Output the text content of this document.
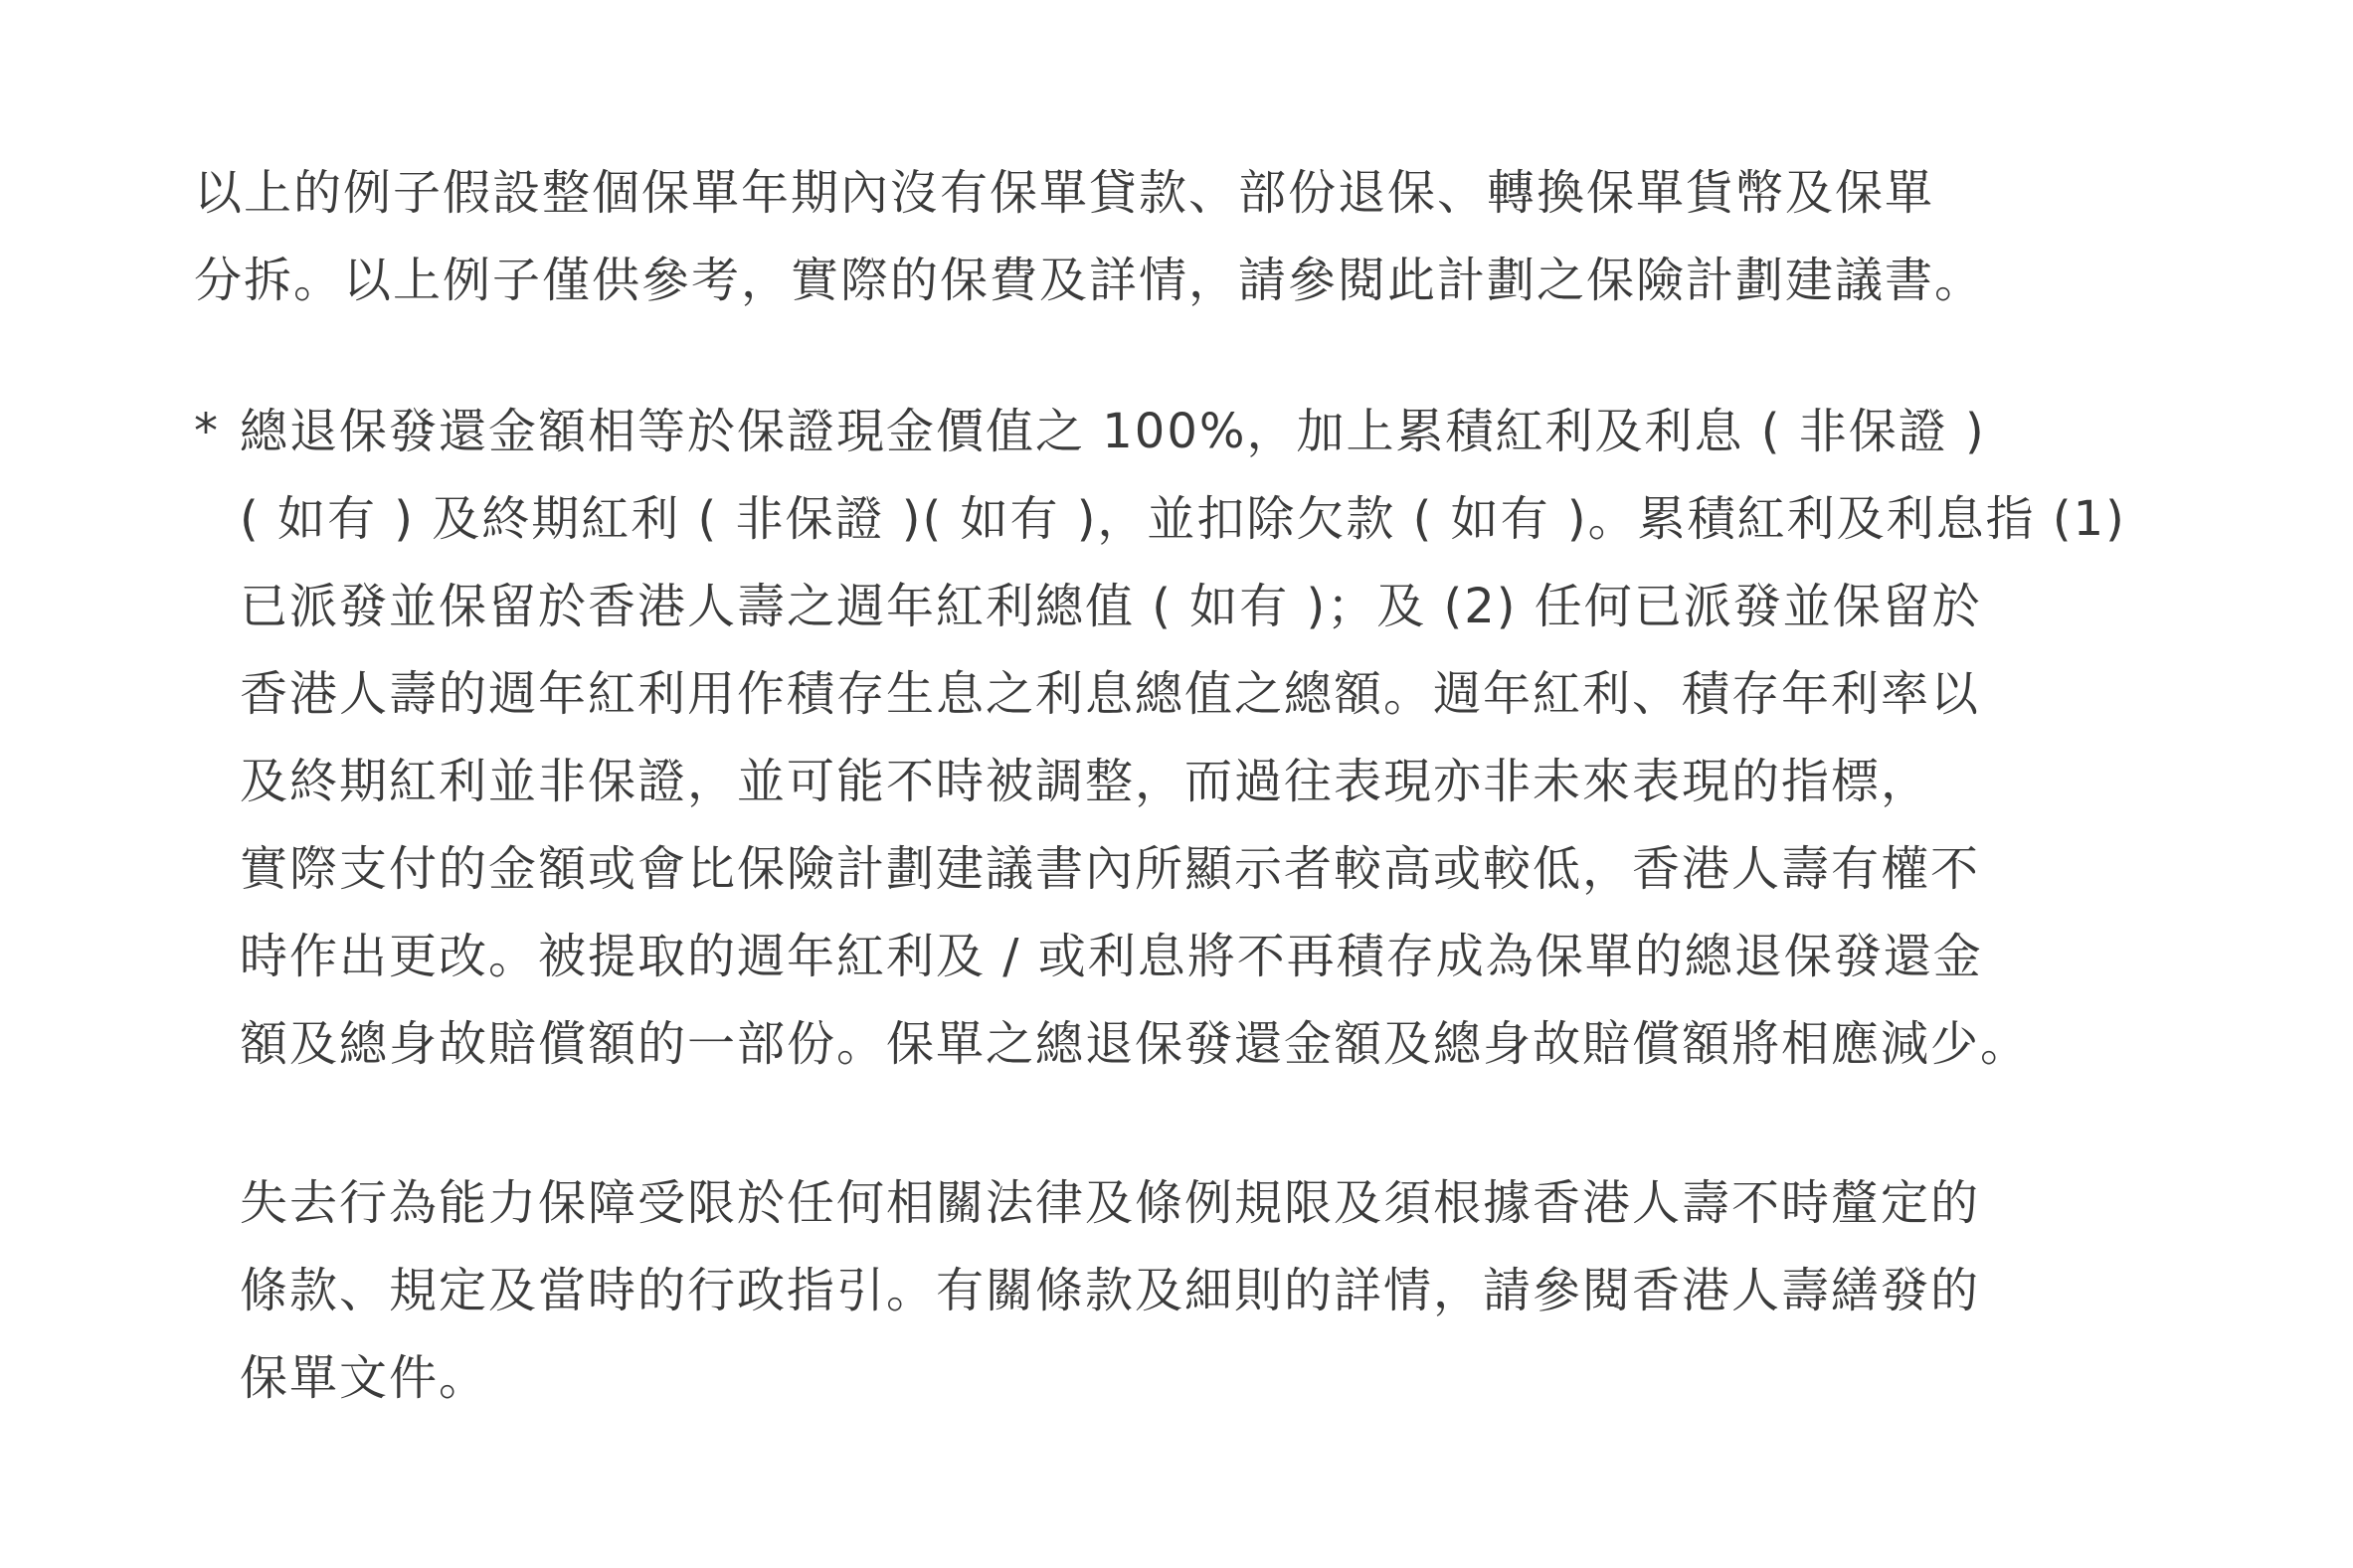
以上的例子假設整個保單年期內沒有保單貸款、部份退保、轉換保單貨幣及保單
分拆。以上例子僅供參考，實際的保費及詳情，請參閱此計劃之保險計劃建議書。
* 總退保發還金額相等於保證現金價值之 100%，加上累積紅利及利息 ( 非保證 )
( 如有 ) 及終期紅利 ( 非保證 )( 如有 )，並扣除欠款 ( 如有 )。累積紅利及利息指 (1)
已派發並保留於香港人壽之週年紅利總值 ( 如有 )；及 (2) 任何已派發並保留於
香港人壽的週年紅利用作積存生息之利息總值之總額。週年紅利、積存年利率以
及終期紅利並非保證，並可能不時被調整，而過往表現亦非未來表現的指標，
實際支付的金額或會比保險計劃建議書內所顯示者較高或較低，香港人壽有權不
時作出更改。被提取的週年紅利及 / 或利息將不再積存成為保單的總退保發還金
額及總身故賠償額的一部份。保單之總退保發還金額及總身故賠償額將相應減少。
失去行為能力保障受限於任何相關法律及條例規限及須根據香港人壽不時釐定的
條款、規定及當時的行政指引。有關條款及細則的詳情，請參閱香港人壽繕發的
保單文件。
